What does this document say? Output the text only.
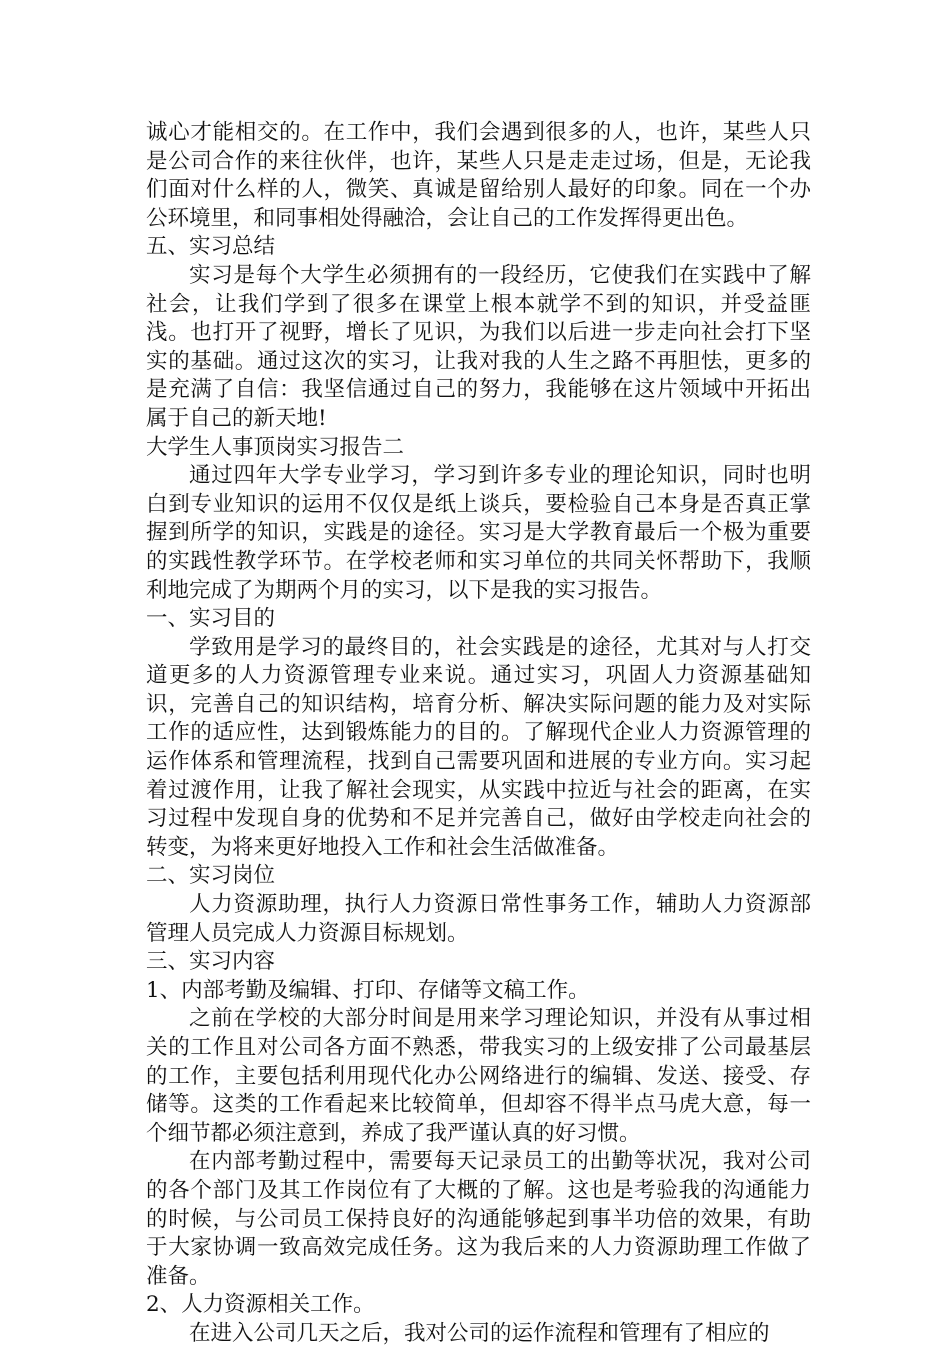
诚心才能相交的。在工作中，我们会遇到很多的人，也许，某些人只是公司合作的来往伙伴，也许，某些人只是走走过场，但是，无论我们面对什么样的人，微笑、真诚是留给别人最好的印象。同在一个办公环境里，和同事相处得融洽，会让自己的工作发挥得更出色。

五、实习总结

实习是每个大学生必须拥有的一段经历，它使我们在实践中了解社会，让我们学到了很多在课堂上根本就学不到的知识，并受益匪浅。也打开了视野，增长了见识，为我们以后进一步走向社会打下坚实的基础。通过这次的实习，让我对我的人生之路不再胆怯，更多的是充满了自信：我坚信通过自己的努力，我能够在这片领域中开拓出属于自己的新天地!

大学生人事顶岗实习报告二

通过四年大学专业学习，学习到许多专业的理论知识，同时也明白到专业知识的运用不仅仅是纸上谈兵，要检验自己本身是否真正掌握到所学的知识，实践是的途径。实习是大学教育最后一个极为重要的实践性教学环节。在学校老师和实习单位的共同关怀帮助下，我顺利地完成了为期两个月的实习，以下是我的实习报告。

一、实习目的

学致用是学习的最终目的，社会实践是的途径，尤其对与人打交道更多的人力资源管理专业来说。通过实习，巩固人力资源基础知识，完善自己的知识结构，培育分析、解决实际问题的能力及对实际工作的适应性，达到锻炼能力的目的。了解现代企业人力资源管理的运作体系和管理流程，找到自己需要巩固和进展的专业方向。实习起着过渡作用，让我了解社会现实，从实践中拉近与社会的距离，在实习过程中发现自身的优势和不足并完善自己，做好由学校走向社会的转变，为将来更好地投入工作和社会生活做准备。

二、实习岗位

人力资源助理，执行人力资源日常性事务工作，辅助人力资源部管理人员完成人力资源目标规划。

三、实习内容

1、内部考勤及编辑、打印、存储等文稿工作。

之前在学校的大部分时间是用来学习理论知识，并没有从事过相关的工作且对公司各方面不熟悉，带我实习的上级安排了公司最基层的工作，主要包括利用现代化办公网络进行的编辑、发送、接受、存储等。这类的工作看起来比较简单，但却容不得半点马虎大意，每一个细节都必须注意到，养成了我严谨认真的好习惯。

在内部考勤过程中，需要每天记录员工的出勤等状况，我对公司的各个部门及其工作岗位有了大概的了解。这也是考验我的沟通能力的时候，与公司员工保持良好的沟通能够起到事半功倍的效果，有助于大家协调一致高效完成任务。这为我后来的人力资源助理工作做了准备。

2、人力资源相关工作。

在进入公司几天之后，我对公司的运作流程和管理有了相应的
